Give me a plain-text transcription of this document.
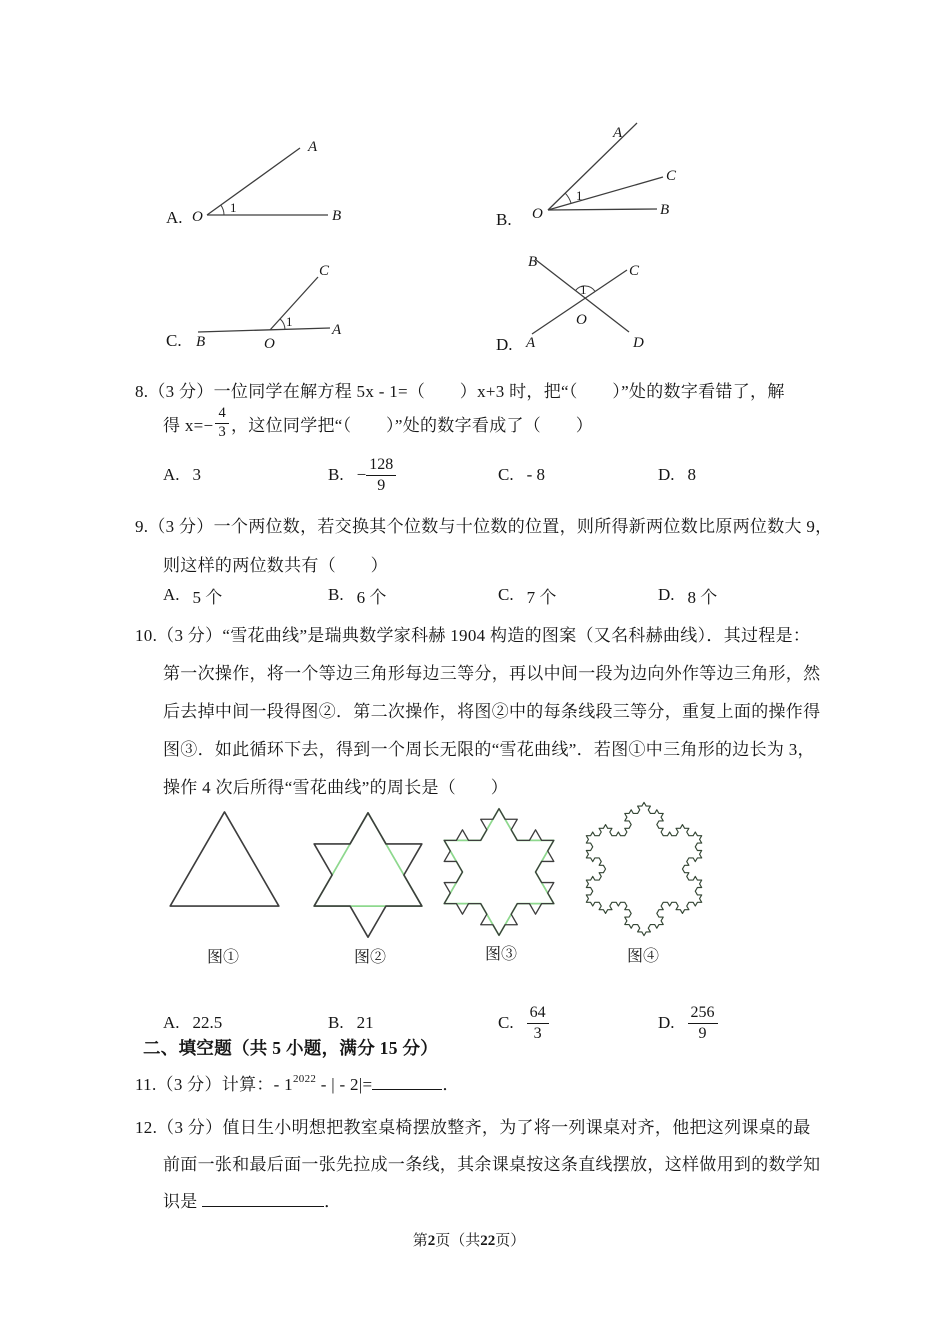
A. O
A
B
1
B. O
A
C
B
1
C. B	O
A
C
1
D.
B
C
A	D
O
1
8.（3 分）一位同学在解方程 5x - 1=（　　）x+3 时，把“（　　）”处的数字看错了，解
得 $x=- \frac{4}{3}$ ，这位同学把“（　　）”处的数字看成了（　　）
A. 3	B. − $\frac{128}{9}$	C. - 8	D. 8
9.（3 分）一个两位数，若交换其个位数与十位数的位置，则所得新两位数比原两位数大 9，
则这样的两位数共有（　　）
A. 5 个	B. 6 个	C. 7 个	D. 8 个
10.（3 分）“雪花曲线”是瑞典数学家科赫 1904 构造的图案（又名科赫曲线）．其过程是：
第一次操作，将一个等边三角形每边三等分，再以中间一段为边向外作等边三角形，然
后去掉中间一段得图②．第二次操作，将图②中的每条线段三等分，重复上面的操作得
图③．如此循环下去，得到一个周长无限的“雪花曲线”．若图①中三角形的边长为 3，
操作 4 次后所得“雪花曲线”的周长是（　　）
图①	图②	图③	图④
A. 22.5	B. 21	C. $\frac{64}{3}$	D. $\frac{256}{9}$
二、填空题（共 5 小题，满分 15 分）
11.（3 分）计算：- $1^{2022}$ - | - 2|=	．
12.（3 分）值日生小明想把教室桌椅摆放整齐，为了将一列课桌对齐，他把这列课桌的最
前面一张和最后面一张先拉成一条线，其余课桌按这条直线摆放，这样做用到的数学知
识是	．
第2页（共22页）
